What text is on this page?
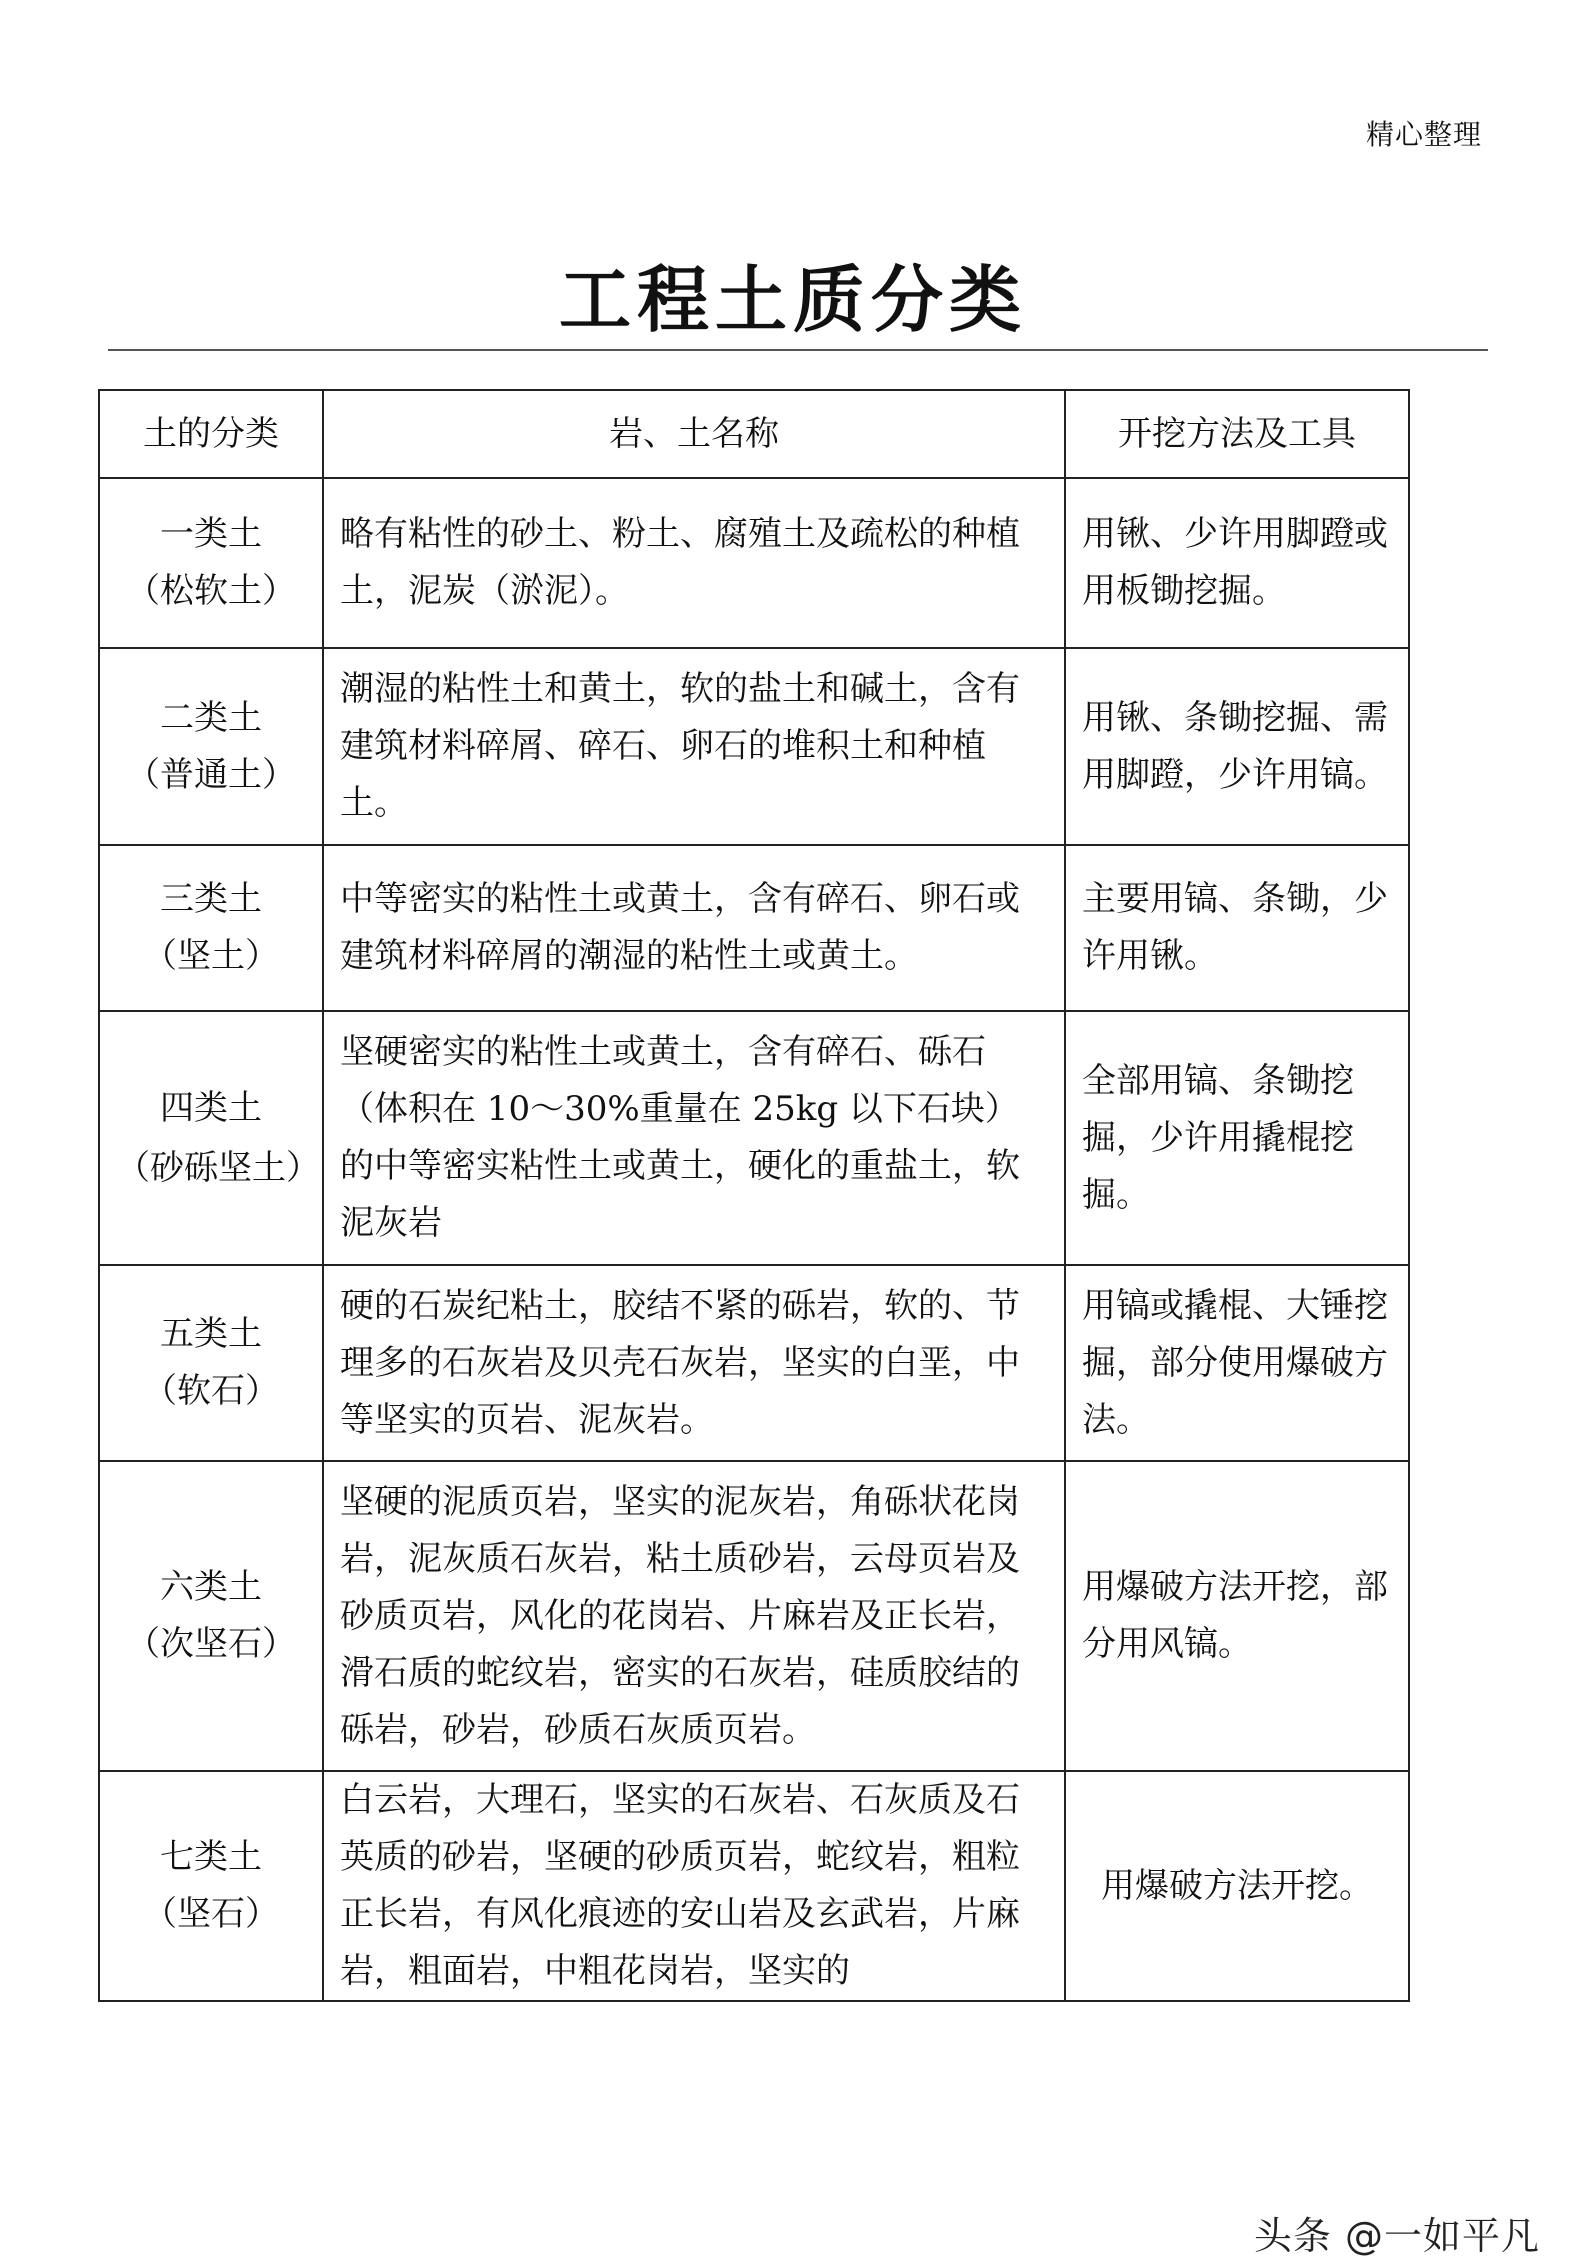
精心整理
工程土质分类
土的分类	岩、土名称	开挖方法及工具

一类土
（松软土）	略有粘性的砂土、粉土、腐殖土及疏松的种植土，泥炭（淤泥）。	用锹、少许用脚蹬或用板锄挖掘。

二类土
（普通土）	潮湿的粘性土和黄土，软的盐土和碱土，含有建筑材料碎屑、碎石、卵石的堆积土和种植土。	用锹、条锄挖掘、需用脚蹬，少许用镐。

三类土
（坚土）	中等密实的粘性土或黄土，含有碎石、卵石或建筑材料碎屑的潮湿的粘性土或黄土。	主要用镐、条锄，少许用锹。

四类土
（砂砾坚土）	坚硬密实的粘性土或黄土，含有碎石、砾石（体积在 10～30%重量在 25kg 以下石块）的中等密实粘性土或黄土，硬化的重盐土，软泥灰岩	全部用镐、条锄挖掘，少许用撬棍挖掘。

五类土
（软石）	硬的石炭纪粘土，胶结不紧的砾岩，软的、节理多的石灰岩及贝壳石灰岩，坚实的白垩，中等坚实的页岩、泥灰岩。	用镐或撬棍、大锤挖掘，部分使用爆破方法。

六类土
（次坚石）	坚硬的泥质页岩，坚实的泥灰岩，角砾状花岗岩，泥灰质石灰岩，粘土质砂岩，云母页岩及砂质页岩，风化的花岗岩、片麻岩及正长岩，滑石质的蛇纹岩，密实的石灰岩，硅质胶结的砾岩，砂岩，砂质石灰质页岩。	用爆破方法开挖，部分用风镐。

七类土
（坚石）	白云岩，大理石，坚实的石灰岩、石灰质及石英质的砂岩，坚硬的砂质页岩，蛇纹岩，粗粒正长岩，有风化痕迹的安山岩及玄武岩，片麻岩，粗面岩，中粗花岗岩，坚实的	用爆破方法开挖。
头条 @一如平凡
